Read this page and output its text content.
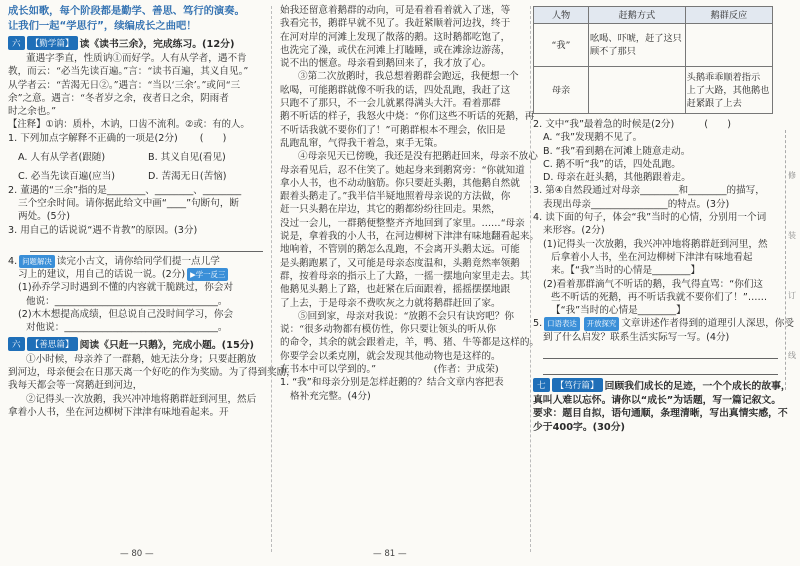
成长如歌，每个阶段都是勤学、善思、笃行的演奏。
让我们一起“学思行”，续编成长之曲吧！
六	【勤学篇】 读《读书三余》，完成练习。(12分)
董遇字季直，性质讷①而好学。人有从学者，遇不肯
教，而云：“必当先读百遍。”言：“读书百遍，其义自见。”
从学者云：“苦渴无日②。”遇言：“当以‘三余’。”或问“三
余”之意。遇言：“冬者岁之余，夜者日之余，阴雨者
时之余也。”
【注释】①讷：质朴，木讷，口齿不流利。②或：有的人。
1. 下列加点字解释不正确的一项是(2分) (　　)
A. 人有从学者(跟随)	B. 其义自见(看见) C. 必当先读百遍(应当)	D. 苦渴无日(苦恼)
2. 董遇的“三余”指的是________、________、________
三个空余时间。请你据此给文中画“____”句断句，断
两处。(5分)
3. 用自己的话说说“遇不肯教”的原因。(3分)
4. 问题解决 读完小古文，请你给同学们提一点儿学
习上的建议，用自己的话说一说。(2分) ▶学一反三
(1)孙乔学习时遇到不懂的内容就干脆跳过，你会对
他说：__________________________________。
(2)木木想提高成绩，但总说自己没时间学习，你会
对他说：________________________________。
六	【善思篇】 阅读《只赶一只鹅》，完成小题。(15分)
①小时候，母亲养了一群鹅，她无法分身；只要赶鹅放
到河边，母亲便会在日那天离一个好吃的作为奖励。为了得到奖励，
我每天都会等一窝鹅赶到河边，
②记得头一次放鹅，我兴冲冲地将鹅群赶到河里，然后
拿着小人书，坐在河边柳树下津津有味地看起来。开
始我还留意着鹅群的动向，可是看着看着就入了迷，等
我看完书，鹅群早就不见了。我赶紧顺着河边找，终于
在河对岸的河滩上发现了散落的鹅。这时鹅都吃饱了，
也洗完了澡，或伏在河滩上打瞌睡，或在滩涂边游荡，
说不出的惬意。母亲看到鹅回来了，我才放了心。
③第二次放鹅时，我总想着鹅群会跑远，我便想一个
吆喝，可能鹅群就像不听我的话，四处乱跑，我赶了这
只跑不了那只，不一会儿就累得满头大汗。看着那群
鹅不听话的样子，我怒火中烧：“你们这些不听话的死鹅，再
不听话我就不要你们了！”可鹅群根本不理会，依旧是
乱跑乱窜，气得我干着急，束手无策。
④母亲见天已傍晚，我还是没有把鹅赶回来，母亲不放心
母亲看见后，忍不住笑了。她起身来到鹅窝旁：“你就知道
拿小人书，也不动动脑筋。你只要赶头鹅，其他鹅自然就
跟着头鹅走了。”我半信半疑地照着母亲说的方法做，你
赶一只头鹅在岸边，其它的鹅都纷纷往回走。果然，
没过一会儿，一群鹅便整整齐齐地回到了家里。……“母亲
说是，拿着我的小人书，在河边柳树下津津有味地翻看起来。
地响着，不管别的鹅怎么乱跑，不会离开头鹅太远。可能
是头鹅跑累了，又可能是母亲态度温和，头鹅竟然率领鹅
群，按着母亲的指示上了大路，一摇一摆地向家里走去。其
他鹅见头鹅上了路，也赶紧在后面跟着，摇摇摆摆地跟
了上去，于是母亲不费吹灰之力就将鹅群赶回了家。
⑤回到家，母亲对我说：“放鹅不会只有诀窍吧？你
说：“很多动物都有模仿性，你只要让领头的听从你
的命令，其余的就会跟着走，羊，鸭、猪、牛等都是这样的。
你要学会以柔克刚，就会发现其他动物也是这样的。
在书本中可以学到的。”　　　　　　(作者：尹成荣)
1. “我”和母亲分别是怎样赶鹅的？结合文章内容把表
格补充完整。(4分)
人物	赶鹅方式	鹅群反应
“我”	吆喝、吓唬，赶了这只
顾不了那只	

母亲		头鹅乖乖顺着指示
上了大路，其他鹅也
赶紧跟了上去
2. 文中“我”最着急的时候是(2分)	(　　)
A. “我”发现鹅不见了。
B. “我”看到鹅在河滩上随意走动。
C. 鹅不听“我”的话，四处乱跑。
D. 母亲在赶头鹅，其他鹅跟着走。
3. 第④自然段通过对母亲________和________的描写，
表现出母亲________________的特点。(3分)
4. 读下面的句子，体会“我”当时的心情，分别用一个词
来形容。(2分)
(1)记得头一次放鹅，我兴冲冲地将鹅群赶到河里，然
后拿着小人书，坐在河边柳树下津津有味地看起
来。【“我”当时的心情是________】
(2)看着那群滴气不听话的鹅，我气得直骂：“你们这
些不听话的死鹅，再不听话我就不要你们了！”……
【“我”当时的心情是________】
5. 口语表达 开放探究 文章讲述作者得到的道理引人深思，你受
到了什么启发？联系生活实际写一写。(4分)
七	【笃行篇】 回顾我们成长的足迹，一个个成长的故事，
真叫人难以忘怀。请你以“成长”为话题，写一篇记叙文。
要求：题目自拟，语句通顺，条理清晰，写出真情实感，不
少于400字。(30分)
修
装
订
线
— 80 —	— 81 —
